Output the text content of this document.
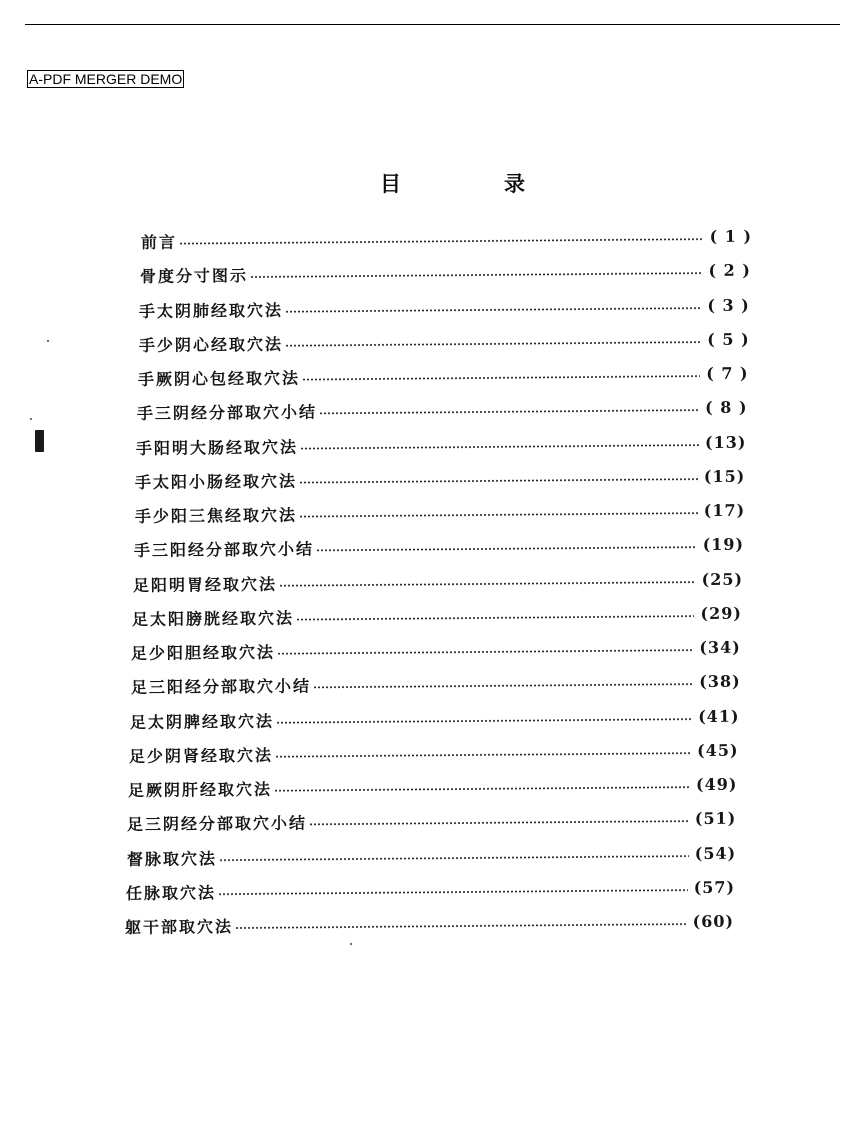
A-PDF MERGER DEMO
目	录
前言	( 1 )
骨度分寸图示	( 2 )
手太阴肺经取穴法	( 3 )
手少阴心经取穴法	( 5 )
手厥阴心包经取穴法	( 7 )
手三阴经分部取穴小结	( 8 )
手阳明大肠经取穴法	(13)
手太阳小肠经取穴法	(15)
手少阳三焦经取穴法	(17)
手三阳经分部取穴小结	(19)
足阳明胃经取穴法	(25)
足太阳膀胱经取穴法	(29)
足少阳胆经取穴法	(34)
足三阳经分部取穴小结	(38)
足太阴脾经取穴法	(41)
足少阴肾经取穴法	(45)
足厥阴肝经取穴法	(49)
足三阴经分部取穴小结	(51)
督脉取穴法	(54)
任脉取穴法	(57)
躯干部取穴法	(60)
